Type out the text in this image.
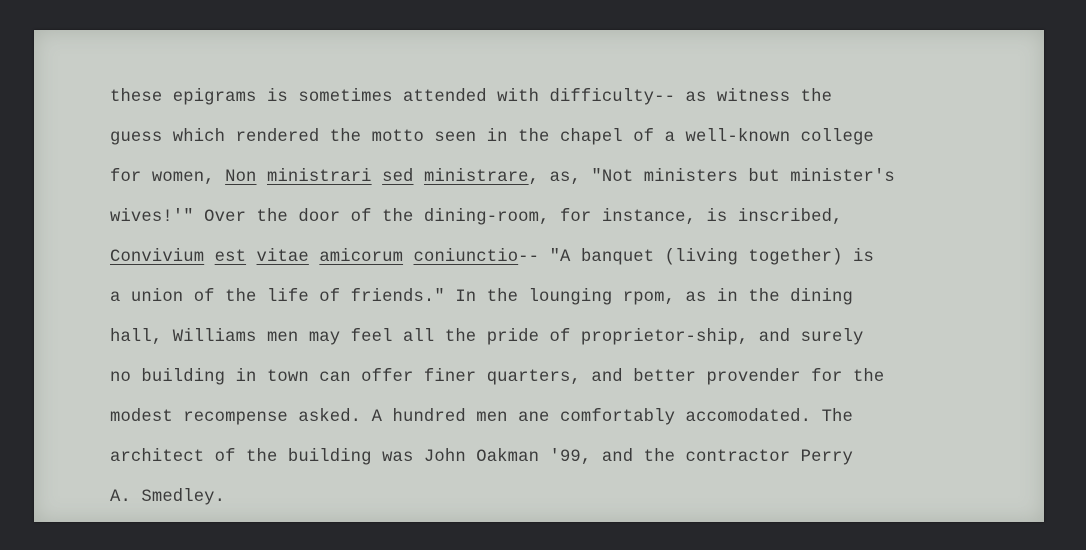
these epigrams is sometimes attended with difficulty-- as witness the
guess which rendered the motto seen in the chapel of a well-known college
for women, Non ministrari sed ministrare, as, "Not ministers but minister's
wives!'" Over the door of the dining-room, for instance, is inscribed,
Convivium est vitae amicorum coniunctio-- "A banquet (living together) is
a union of the life of friends." In the lounging rpom, as in the dining
hall, Williams men may feel all the pride of proprietor-ship, and surely
no building in town can offer finer quarters, and better provender for the
modest recompense asked. A hundred men ane comfortably accomodated. The
architect of the building was John Oakman '99, and the contractor Perry
A. Smedley.
